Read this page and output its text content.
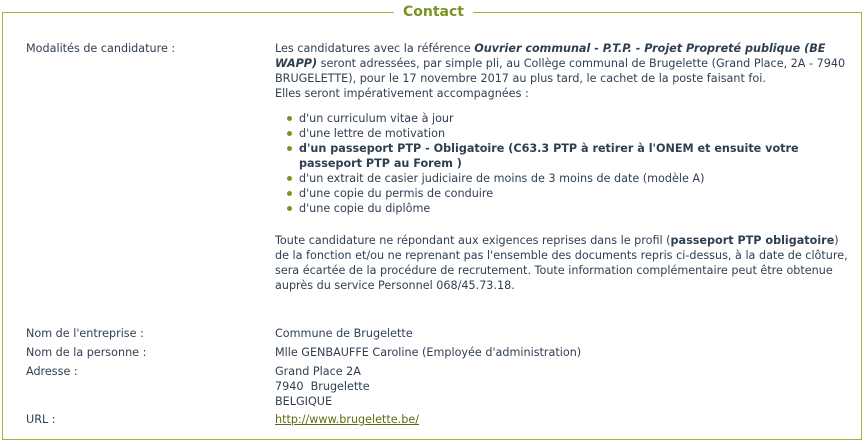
Contact
Modalités de candidature :	Les candidatures avec la référence Ouvrier communal - P.T.P. - Projet Propreté publique (BE WAPP) seront adressées, par simple pli, au Collège communal de Brugelette (Grand Place, 2A - 7940 BRUGELETTE), pour le 17 novembre 2017 au plus tard, le cachet de la poste faisant foi.

Elles seront impérativement accompagnées :

d'un curriculum vitae à jour
d'une lettre de motivation
d'un passeport PTP - Obligatoire (C63.3 PTP à retirer à l'ONEM et ensuite votre passeport PTP au Forem )
d'un extrait de casier judiciaire de moins de 3 moins de date (modèle A)
d'une copie du permis de conduire
d'une copie du diplôme

Toute candidature ne répondant aux exigences reprises dans le profil (passeport PTP obligatoire) de la fonction et/ou ne reprenant pas l'ensemble des documents repris ci-dessus, à la date de clôture, sera écartée de la procédure de recrutement. Toute information complémentaire peut être obtenue auprès du service Personnel 068/45.73.18.

Nom de l'entreprise :	Commune de Brugelette
Nom de la personne :	Mlle GENBAUFFE Caroline (Employée d'administration)
Adresse :	Grand Place 2A
7940  Brugelette
BELGIQUE
URL :	http://www.brugelette.be/
